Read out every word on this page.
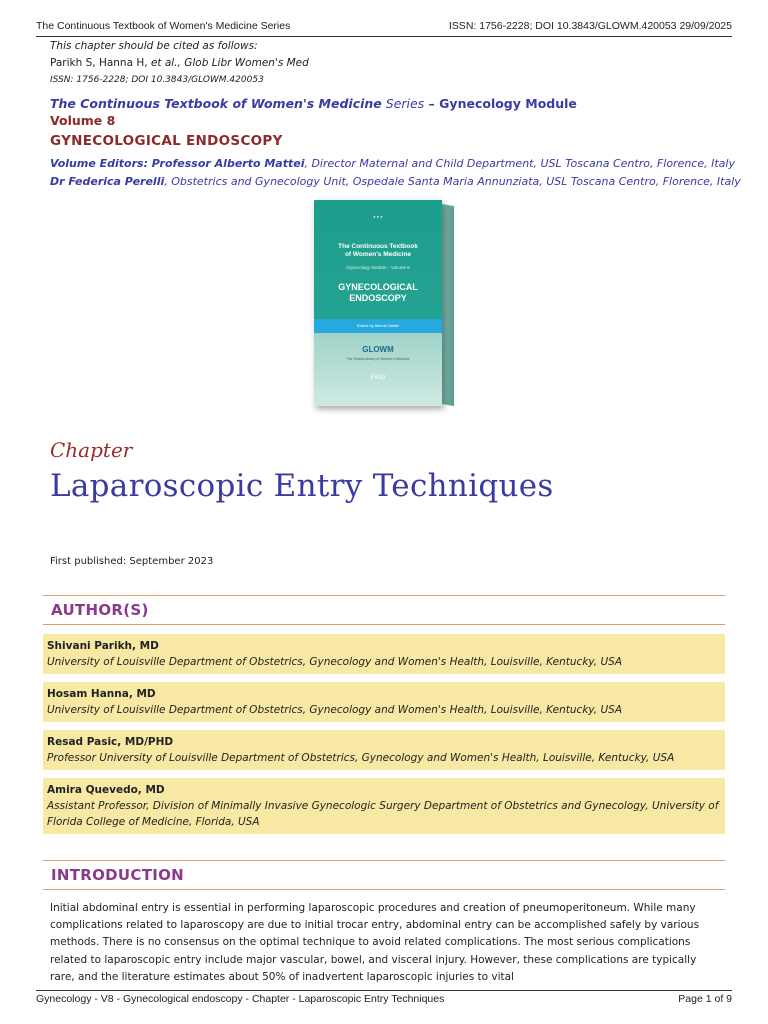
The Continuous Textbook of Women's Medicine Series	ISSN: 1756-2228; DOI 10.3843/GLOWM.420053 29/09/2025
This chapter should be cited as follows:
Parikh S, Hanna H, et al., Glob Libr Women's Med
ISSN: 1756-2228; DOI 10.3843/GLOWM.420053
The Continuous Textbook of Women's Medicine Series – Gynecology Module
Volume 8
GYNECOLOGICAL ENDOSCOPY
Volume Editors: Professor Alberto Mattei, Director Maternal and Child Department, USL Toscana Centro, Florence, Italy
Dr Federica Perelli, Obstetrics and Gynecology Unit, Ospedale Santa Maria Annunziata, USL Toscana Centro, Florence, Italy
● ● ●
The Continuous Textbook
of Women's Medicine
Gynecology Module – Volume 8
GYNECOLOGICAL
ENDOSCOPY
Edited by Alberto Mattei
GLOWM
The Global Library of Women's Medicine
FIGO
Chapter
Laparoscopic Entry Techniques
First published: September 2023
AUTHOR(S)
Shivani Parikh, MD
University of Louisville Department of Obstetrics, Gynecology and Women's Health, Louisville, Kentucky, USA
Hosam Hanna, MD
University of Louisville Department of Obstetrics, Gynecology and Women's Health, Louisville, Kentucky, USA
Resad Pasic, MD/PHD
Professor University of Louisville Department of Obstetrics, Gynecology and Women's Health, Louisville, Kentucky, USA
Amira Quevedo, MD
Assistant Professor, Division of Minimally Invasive Gynecologic Surgery Department of Obstetrics and Gynecology, University of Florida College of Medicine, Florida, USA
INTRODUCTION
Initial abdominal entry is essential in performing laparoscopic procedures and creation of pneumoperitoneum. While many complications related to laparoscopy are due to initial trocar entry, abdominal entry can be accomplished safely by various methods. There is no consensus on the optimal technique to avoid related complications. The most serious complications related to laparoscopic entry include major vascular, bowel, and visceral injury. However, these complications are typically rare, and the literature estimates about 50% of inadvertent laparoscopic injuries to vital
Gynecology - V8 - Gynecological endoscopy - Chapter - Laparoscopic Entry Techniques	Page 1 of 9
